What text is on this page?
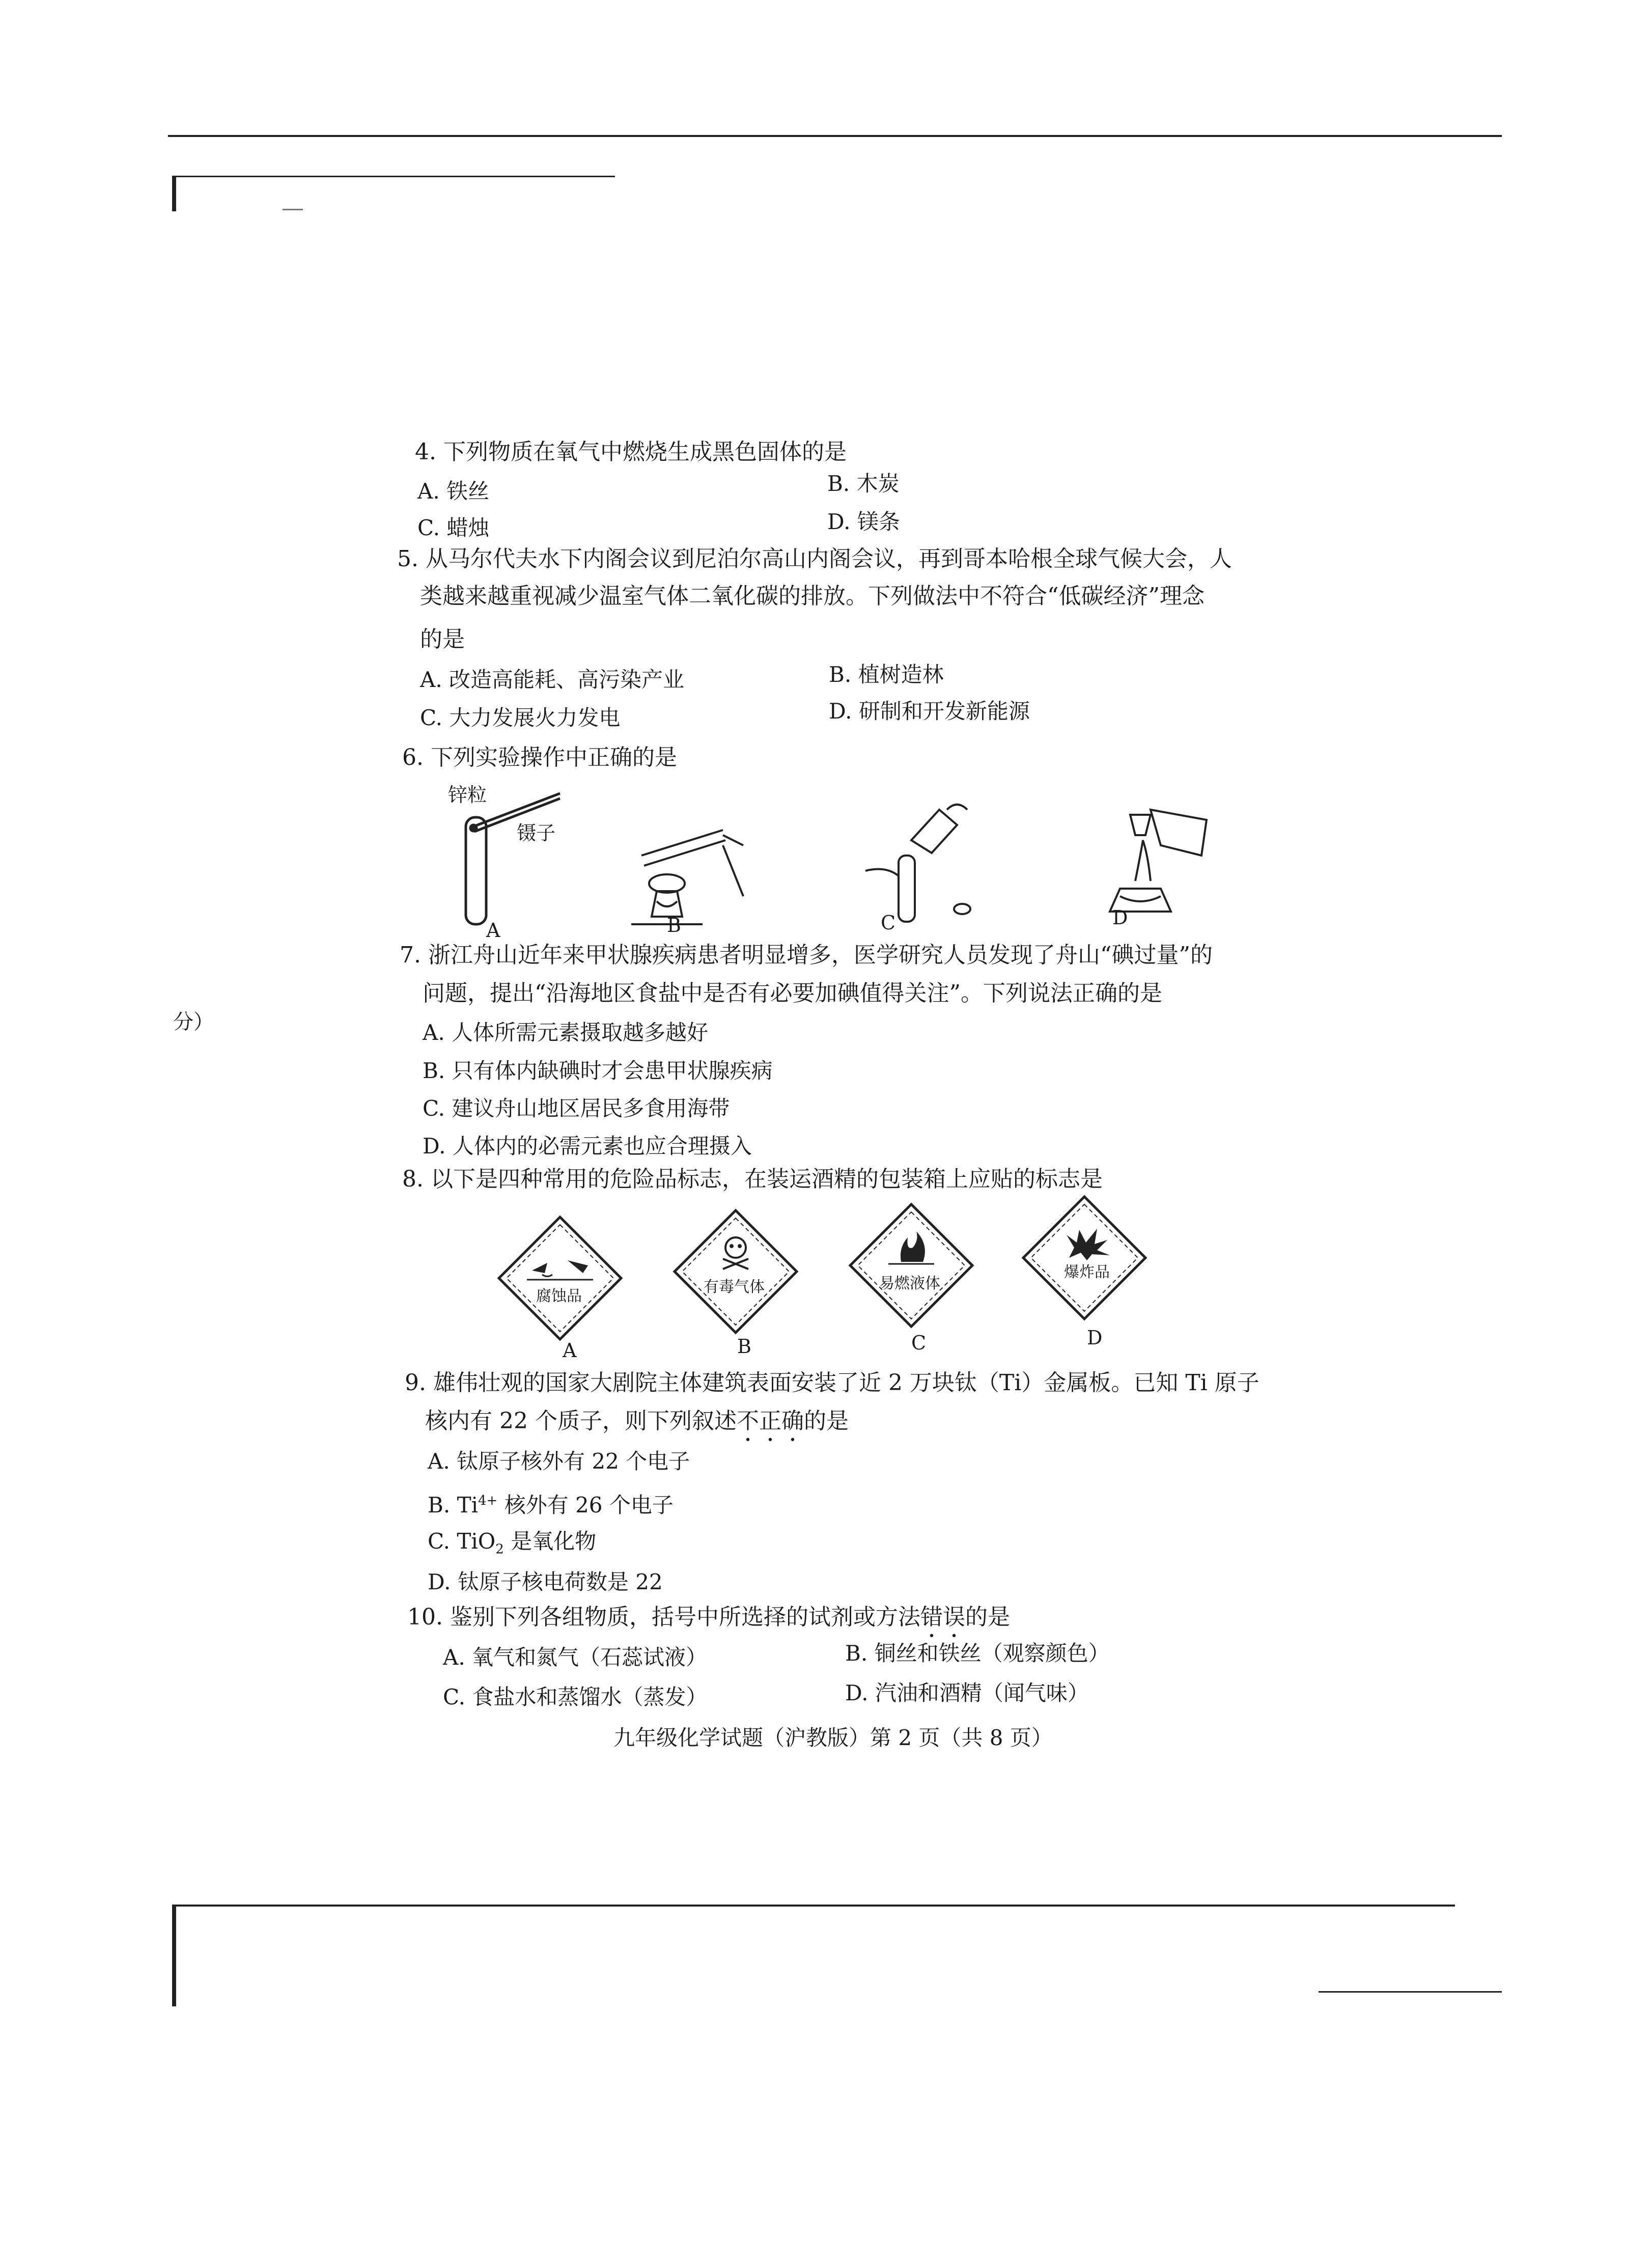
分）
4. 下列物质在氧气中燃烧生成黑色固体的是
A. 铁丝	B. 木炭
C. 蜡烛	D. 镁条
5. 从马尔代夫水下内阁会议到尼泊尔高山内阁会议，再到哥本哈根全球气候大会，人
类越来越重视减少温室气体二氧化碳的排放。下列做法中不符合“低碳经济”理念
的是
A. 改造高能耗、高污染产业	B. 植树造林
C. 大力发展火力发电	D. 研制和开发新能源
6. 下列实验操作中正确的是
锌粒
镊子
A	B	C	D
7. 浙江舟山近年来甲状腺疾病患者明显增多，医学研究人员发现了舟山“碘过量”的
问题，提出“沿海地区食盐中是否有必要加碘值得关注”。下列说法正确的是
A. 人体所需元素摄取越多越好
B. 只有体内缺碘时才会患甲状腺疾病
C. 建议舟山地区居民多食用海带
D. 人体内的必需元素也应合理摄入
8. 以下是四种常用的危险品标志，在装运酒精的包装箱上应贴的标志是
腐蚀品
有毒气体	易燃液体
爆炸品
A	B	C	D
9. 雄伟壮观的国家大剧院主体建筑表面安装了近 2 万块钛（Ti）金属板。已知 Ti 原子
核内有 22 个质子，则下列叙述不正确的是
A. 钛原子核外有 22 个电子
B. $Ti^{4+}$ 核外有 26 个电子
C. TiO$_2$ 是氧化物
D. 钛原子核电荷数是 22
10. 鉴别下列各组物质，括号中所选择的试剂或方法错误的是
A. 氧气和氮气（石蕊试液）	B. 铜丝和铁丝（观察颜色）
C. 食盐水和蒸馏水（蒸发）	D. 汽油和酒精（闻气味）
九年级化学试题（沪教版）第 2 页（共 8 页）
